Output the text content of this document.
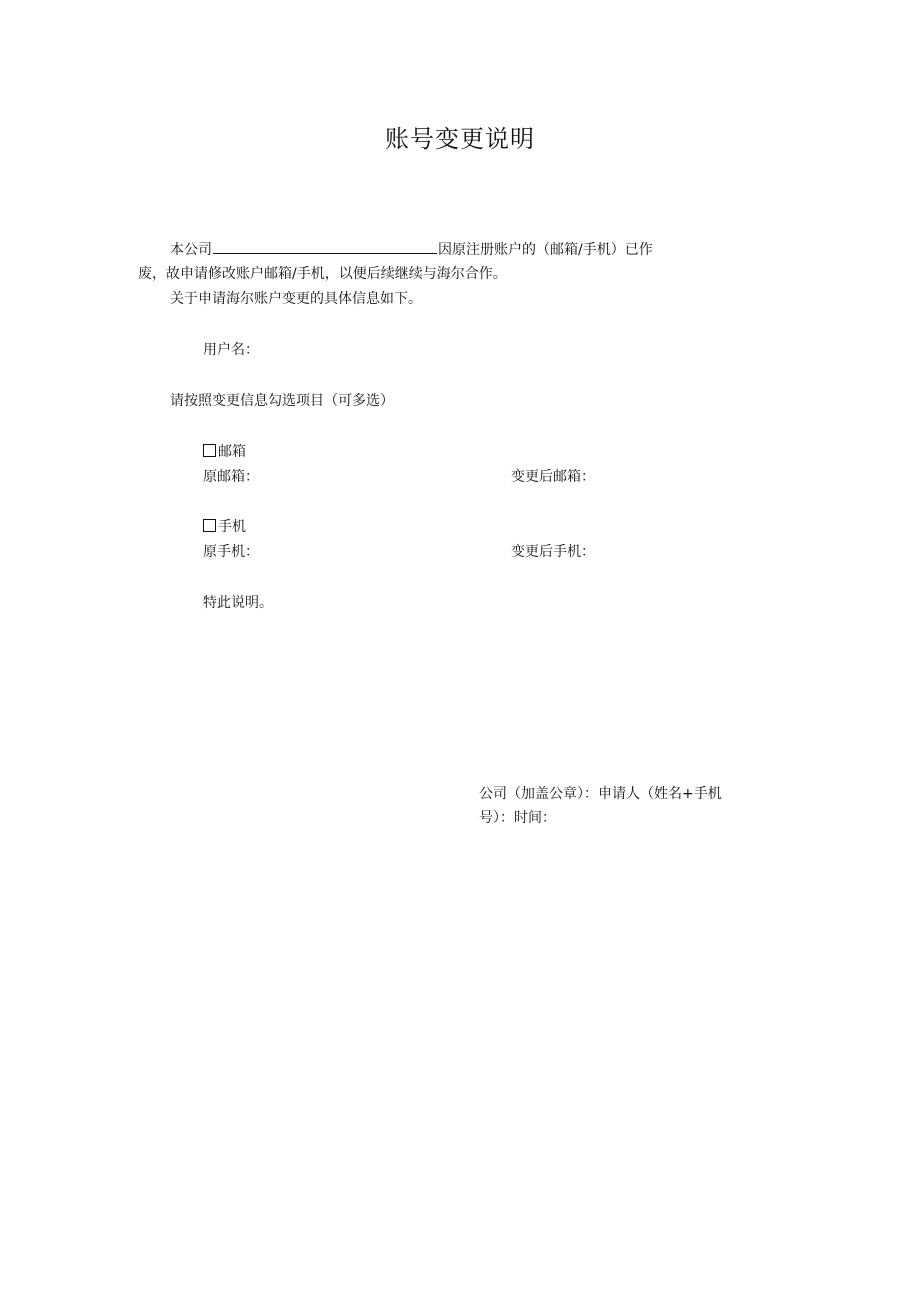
账号变更说明
本公司	因原注册账户的（邮箱/手机）已作
废，故申请修改账户邮箱/手机，以便后续继续与海尔合作。
关于申请海尔账户变更的具体信息如下。
用户名：
请按照变更信息勾选项目（可多选）
邮箱
原邮箱：	变更后邮箱：
手机
原手机：	变更后手机：
特此说明。
公司（加盖公章）：申请人（姓名+手机
号）：时间：
